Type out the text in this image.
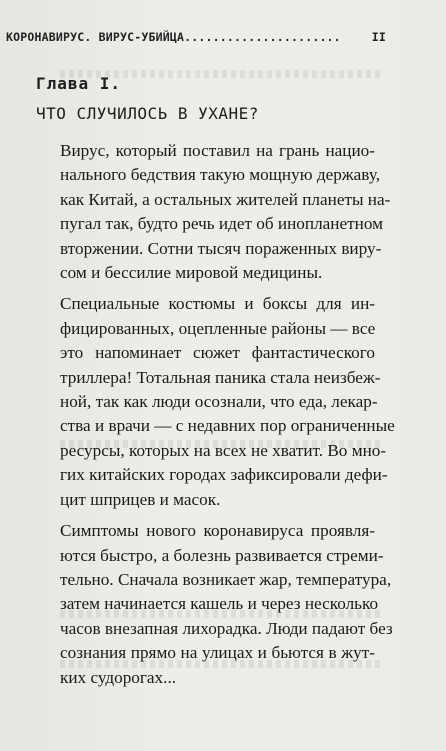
КОРОНАВИРУС. ВИРУС-УБИЙЦА......................	II
Глава I.
ЧТО СЛУЧИЛОСЬ В УХАНЕ?

Вирус, который поставил на грань нацио-
нального бедствия такую мощную державу,
как Китай, а остальных жителей планеты на-
пугал так, будто речь идет об инопланетном
вторжении. Сотни тысяч пораженных виру-
сом и бессилие мировой медицины.

Специальные костюмы и боксы для ин-
фицированных, оцепленные районы — все
это напоминает сюжет фантастического
триллера! Тотальная паника стала неизбеж-
ной, так как люди осознали, что еда, лекар-
ства и врачи — с недавних пор ограниченные
ресурсы, которых на всех не хватит. Во мно-
гих китайских городах зафиксировали дефи-
цит шприцев и масок.

Симптомы нового коронавируса проявля-
ются быстро, а болезнь развивается стреми-
тельно. Сначала возникает жар, температура,
затем начинается кашель и через несколько
часов внезапная лихорадка. Люди падают без
сознания прямо на улицах и бьются в жут-
ких судорогах...
